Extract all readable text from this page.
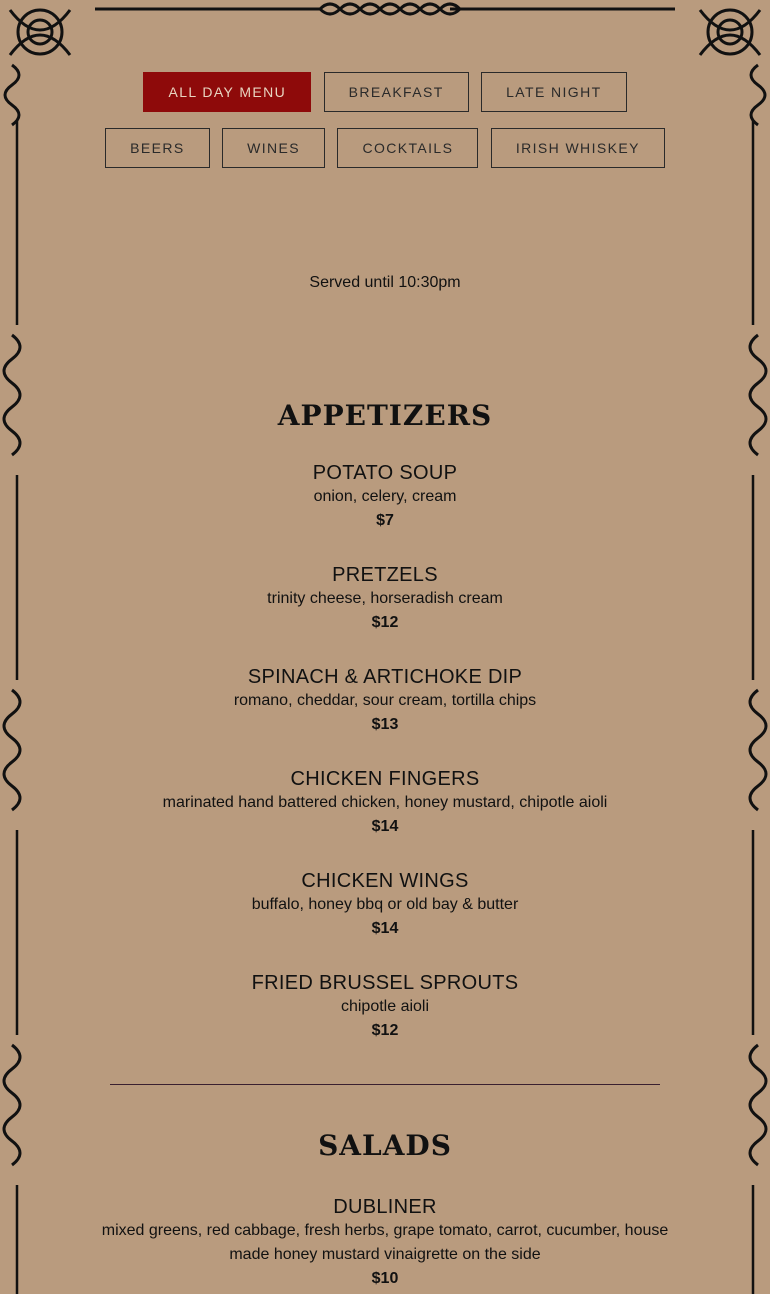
ALL DAY MENU	BREAKFAST	LATE NIGHT
BEERS	WINES	COCKTAILS	IRISH WHISKEY
Served until 10:30pm
appetizers
POTATO SOUP
onion, celery, cream
$7
PRETZELS
trinity cheese, horseradish cream
$12
SPINACH & ARTICHOKE DIP
romano, cheddar, sour cream, tortilla chips
$13
CHICKEN FINGERS
marinated hand battered chicken, honey mustard, chipotle aioli
$14
CHICKEN WINGS
buffalo, honey bbq or old bay & butter
$14
FRIED BRUSSEL SPROUTS
chipotle aioli
$12
salads
DUBLINER
mixed greens, red cabbage, fresh herbs, grape tomato, carrot, cucumber, house made honey mustard vinaigrette on the side
$10
